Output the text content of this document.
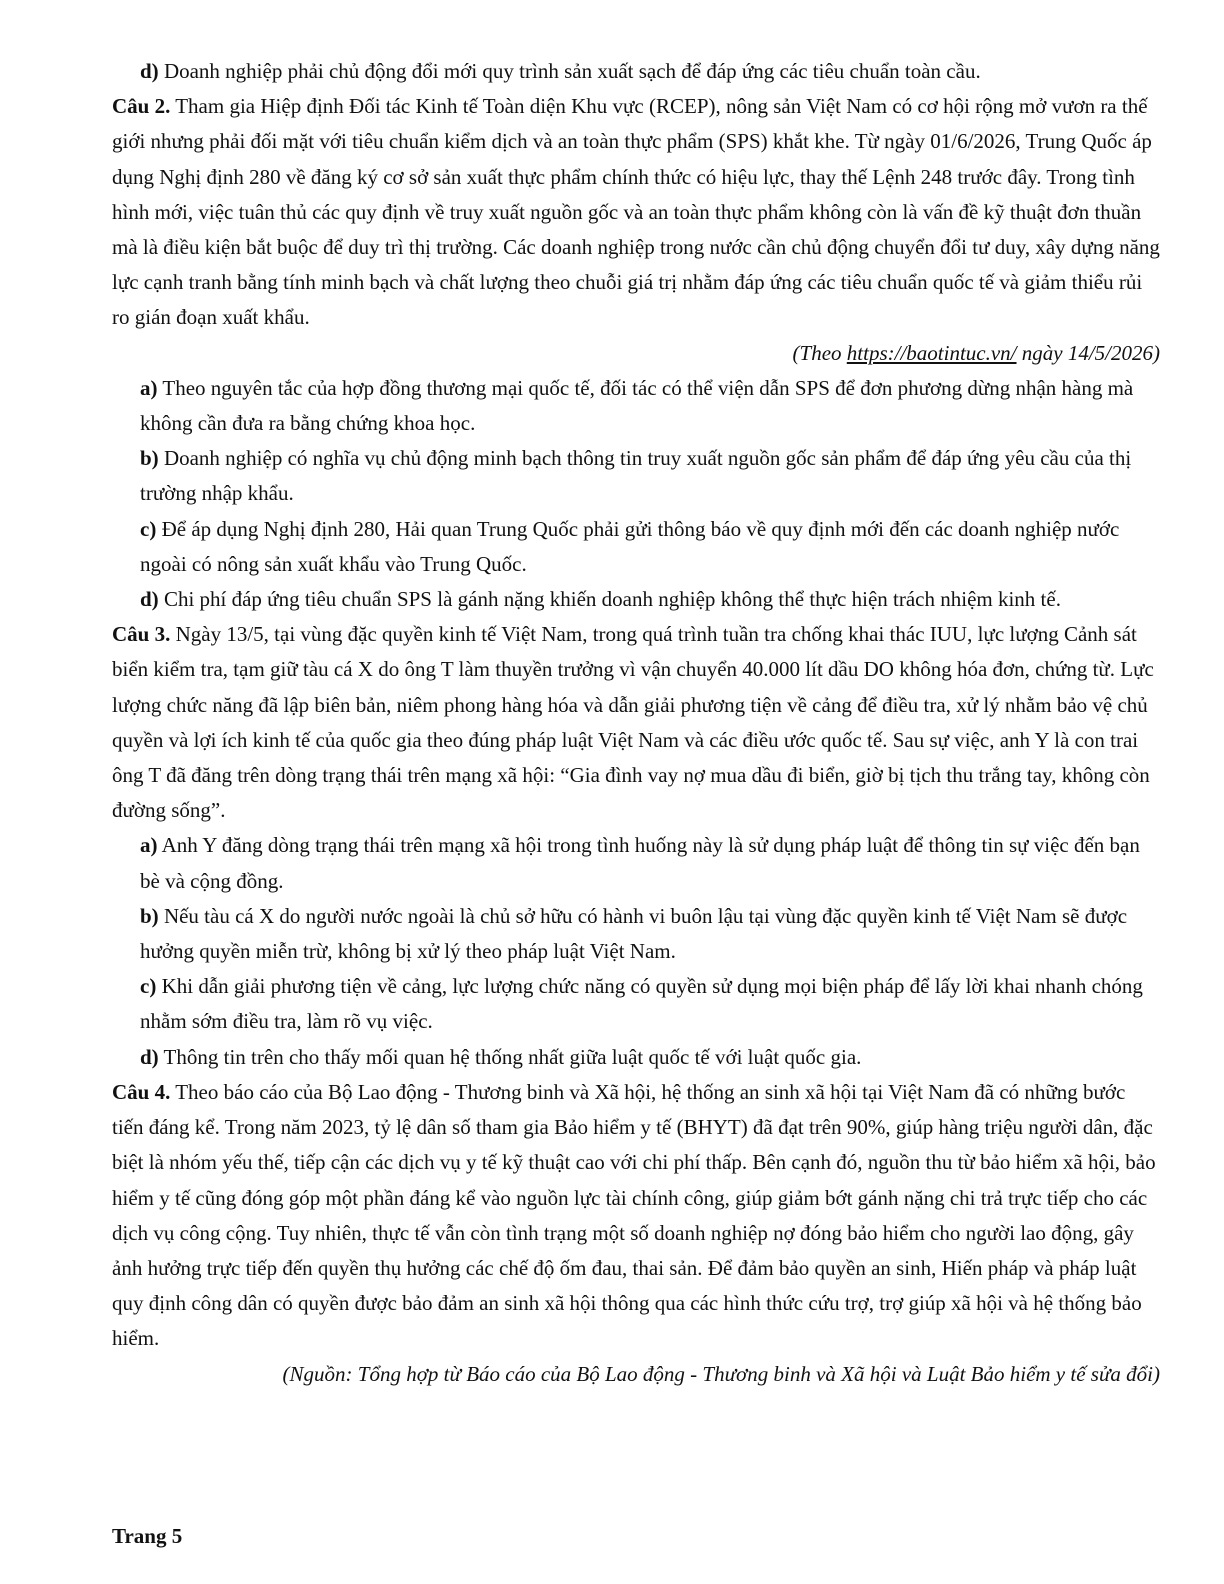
d) Doanh nghiệp phải chủ động đổi mới quy trình sản xuất sạch để đáp ứng các tiêu chuẩn toàn cầu.

Câu 2. Tham gia Hiệp định Đối tác Kinh tế Toàn diện Khu vực (RCEP), nông sản Việt Nam có cơ hội rộng mở vươn ra thế giới nhưng phải đối mặt với tiêu chuẩn kiểm dịch và an toàn thực phẩm (SPS) khắt khe. Từ ngày 01/6/2026, Trung Quốc áp dụng Nghị định 280 về đăng ký cơ sở sản xuất thực phẩm chính thức có hiệu lực, thay thế Lệnh 248 trước đây. Trong tình hình mới, việc tuân thủ các quy định về truy xuất nguồn gốc và an toàn thực phẩm không còn là vấn đề kỹ thuật đơn thuần mà là điều kiện bắt buộc để duy trì thị trường. Các doanh nghiệp trong nước cần chủ động chuyển đổi tư duy, xây dựng năng lực cạnh tranh bằng tính minh bạch và chất lượng theo chuỗi giá trị nhằm đáp ứng các tiêu chuẩn quốc tế và giảm thiểu rủi ro gián đoạn xuất khẩu.

(Theo https://baotintuc.vn/ ngày 14/5/2026)

a) Theo nguyên tắc của hợp đồng thương mại quốc tế, đối tác có thể viện dẫn SPS để đơn phương dừng nhận hàng mà không cần đưa ra bằng chứng khoa học.

b) Doanh nghiệp có nghĩa vụ chủ động minh bạch thông tin truy xuất nguồn gốc sản phẩm để đáp ứng yêu cầu của thị trường nhập khẩu.

c) Để áp dụng Nghị định 280, Hải quan Trung Quốc phải gửi thông báo về quy định mới đến các doanh nghiệp nước ngoài có nông sản xuất khẩu vào Trung Quốc.

d) Chi phí đáp ứng tiêu chuẩn SPS là gánh nặng khiến doanh nghiệp không thể thực hiện trách nhiệm kinh tế.

Câu 3. Ngày 13/5, tại vùng đặc quyền kinh tế Việt Nam, trong quá trình tuần tra chống khai thác IUU, lực lượng Cảnh sát biển kiểm tra, tạm giữ tàu cá X do ông T làm thuyền trưởng vì vận chuyển 40.000 lít dầu DO không hóa đơn, chứng từ. Lực lượng chức năng đã lập biên bản, niêm phong hàng hóa và dẫn giải phương tiện về cảng để điều tra, xử lý nhằm bảo vệ chủ quyền và lợi ích kinh tế của quốc gia theo đúng pháp luật Việt Nam và các điều ước quốc tế. Sau sự việc, anh Y là con trai ông T đã đăng trên dòng trạng thái trên mạng xã hội: “Gia đình vay nợ mua dầu đi biển, giờ bị tịch thu trắng tay, không còn đường sống”.

a) Anh Y đăng dòng trạng thái trên mạng xã hội trong tình huống này là sử dụng pháp luật để thông tin sự việc đến bạn bè và cộng đồng.

b) Nếu tàu cá X do người nước ngoài là chủ sở hữu có hành vi buôn lậu tại vùng đặc quyền kinh tế Việt Nam sẽ được hưởng quyền miễn trừ, không bị xử lý theo pháp luật Việt Nam.

c) Khi dẫn giải phương tiện về cảng, lực lượng chức năng có quyền sử dụng mọi biện pháp để lấy lời khai nhanh chóng nhằm sớm điều tra, làm rõ vụ việc.

d) Thông tin trên cho thấy mối quan hệ thống nhất giữa luật quốc tế với luật quốc gia.

Câu 4. Theo báo cáo của Bộ Lao động - Thương binh và Xã hội, hệ thống an sinh xã hội tại Việt Nam đã có những bước tiến đáng kể. Trong năm 2023, tỷ lệ dân số tham gia Bảo hiểm y tế (BHYT) đã đạt trên 90%, giúp hàng triệu người dân, đặc biệt là nhóm yếu thế, tiếp cận các dịch vụ y tế kỹ thuật cao với chi phí thấp. Bên cạnh đó, nguồn thu từ bảo hiểm xã hội, bảo hiểm y tế cũng đóng góp một phần đáng kể vào nguồn lực tài chính công, giúp giảm bớt gánh nặng chi trả trực tiếp cho các dịch vụ công cộng. Tuy nhiên, thực tế vẫn còn tình trạng một số doanh nghiệp nợ đóng bảo hiểm cho người lao động, gây ảnh hưởng trực tiếp đến quyền thụ hưởng các chế độ ốm đau, thai sản. Để đảm bảo quyền an sinh, Hiến pháp và pháp luật quy định công dân có quyền được bảo đảm an sinh xã hội thông qua các hình thức cứu trợ, trợ giúp xã hội và hệ thống bảo hiểm.

(Nguồn: Tổng hợp từ Báo cáo của Bộ Lao động - Thương binh và Xã hội và Luật Bảo hiểm y tế sửa đổi)

Trang 5
